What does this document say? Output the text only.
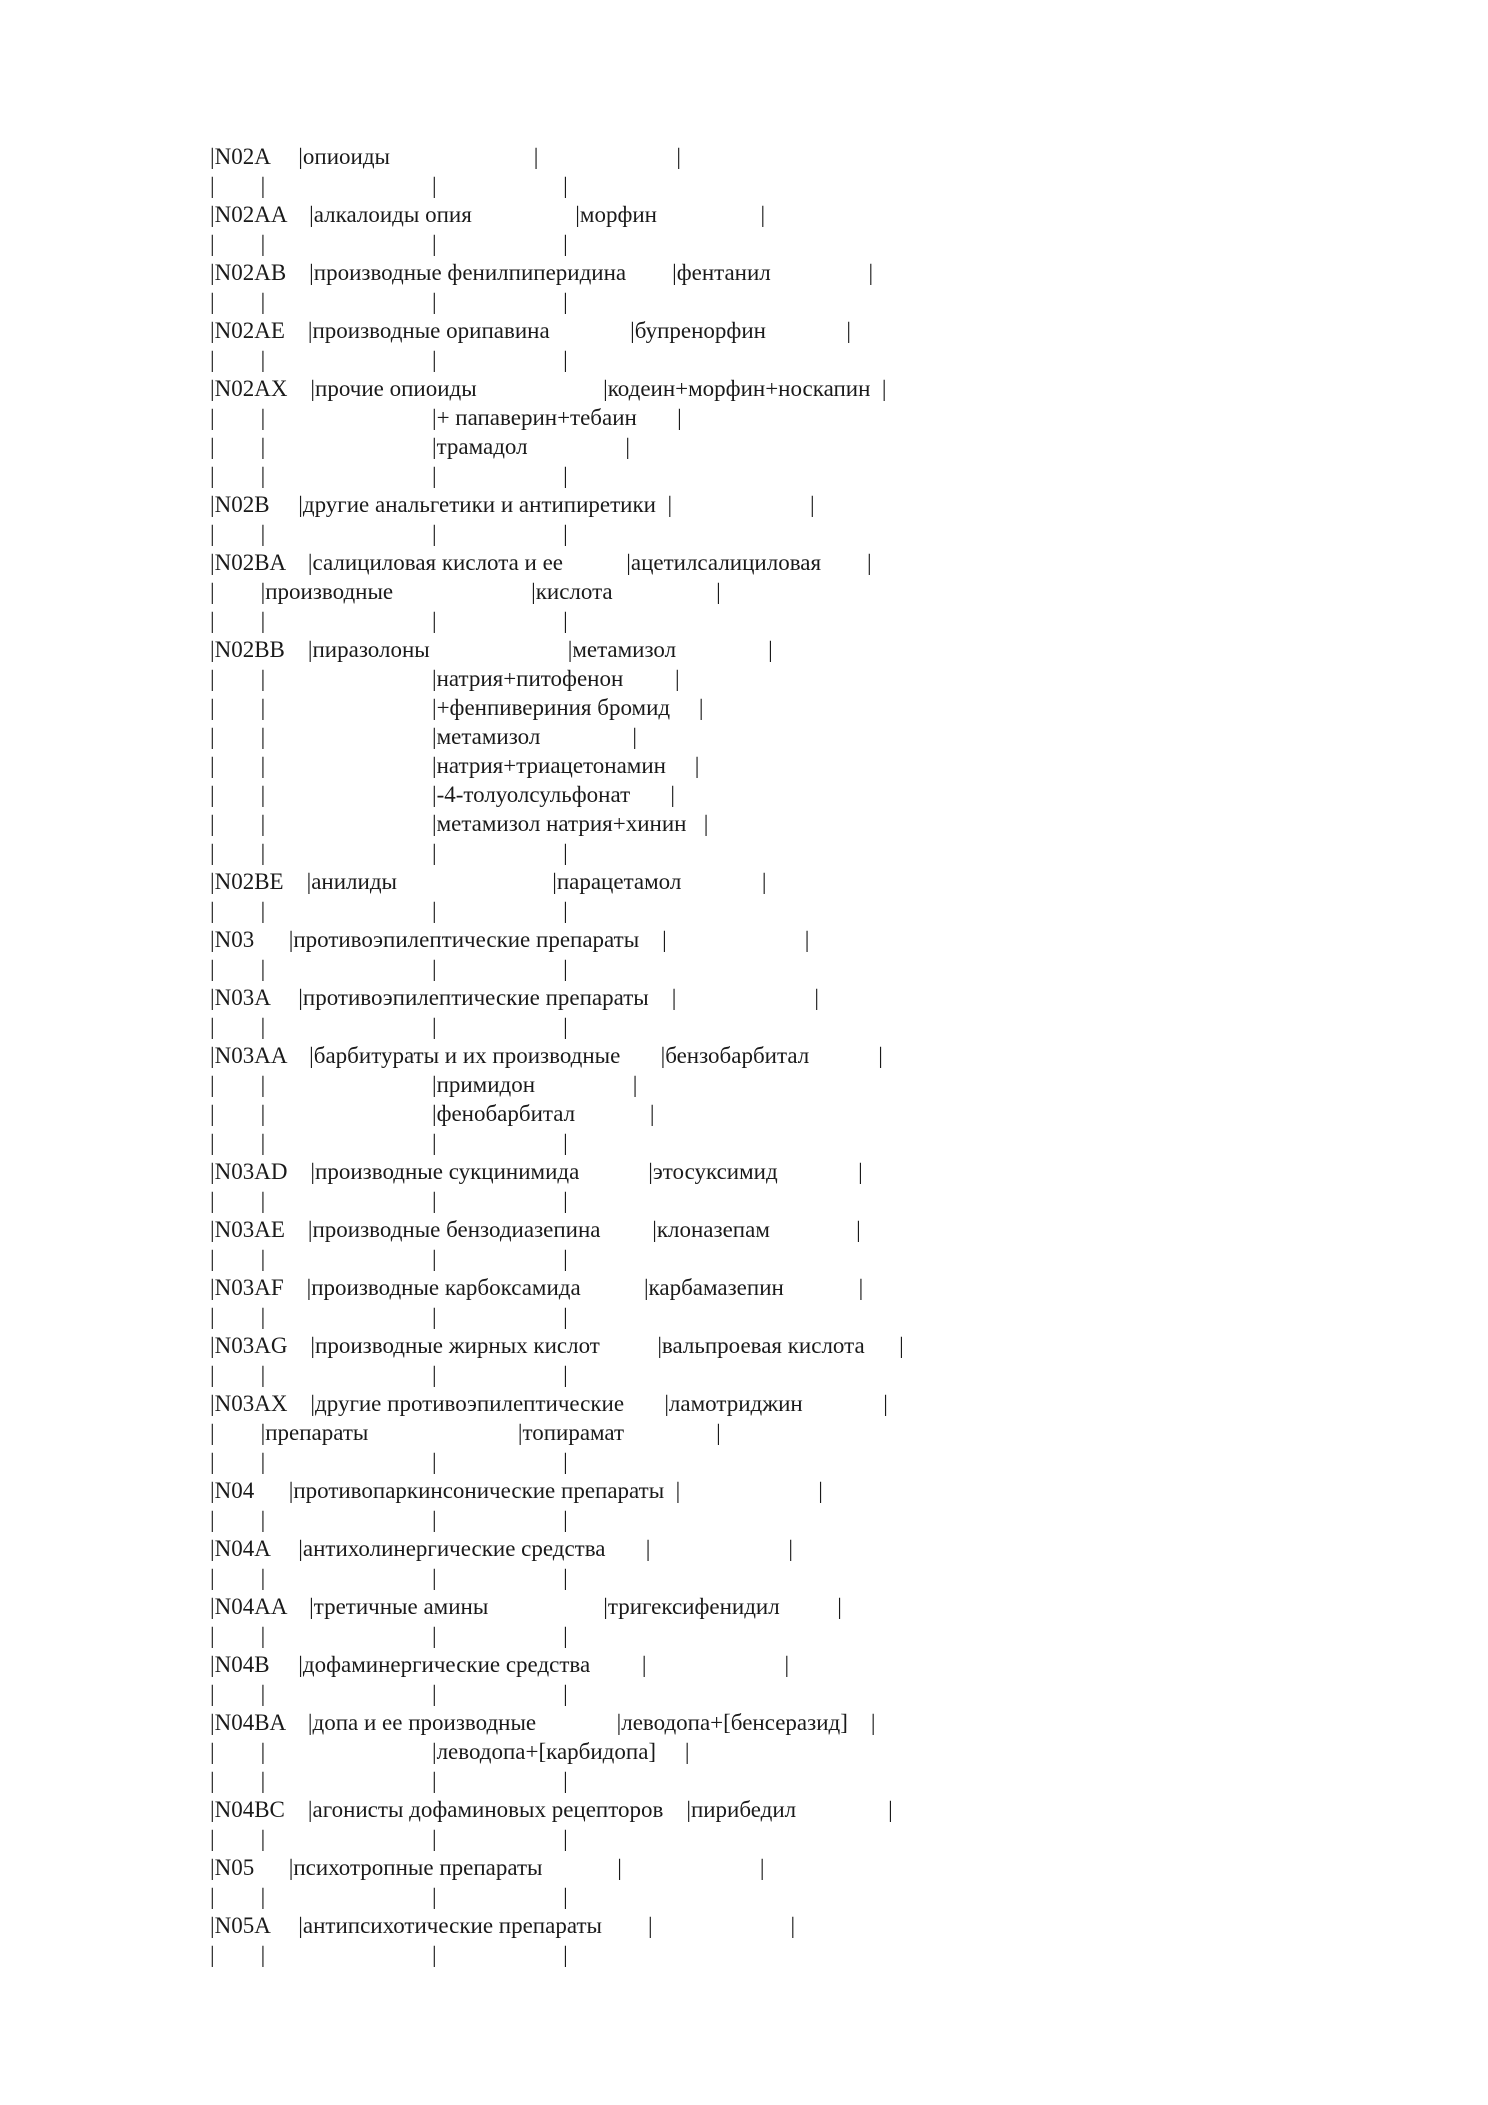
|N02A     |опиоиды                         |                        |
|        |                             |                      |
|N02AA    |алкалоиды опия                  |морфин                  |
|        |                             |                      |
|N02AB    |производные фенилпиперидина        |фентанил                 |
|        |                             |                      |
|N02AE    |производные орипавина              |бупренорфин              |
|        |                             |                      |
|N02AX    |прочие опиоиды                      |кодеин+морфин+носкапин  |
|        |                             |+ папаверин+тебаин       |
|        |                             |трамадол                 |
|        |                             |                      |
|N02B     |другие анальгетики и антипиретики  |                        |
|        |                             |                      |
|N02BA    |салициловая кислота и ее           |ацетилсалициловая        |
|        |производные                        |кислота                  |
|        |                             |                      |
|N02BB    |пиразолоны                        |метамизол                |
|        |                             |натрия+питофенон         |
|        |                             |+фенпивериния бромид     |
|        |                             |метамизол                |
|        |                             |натрия+триацетонамин     |
|        |                             |-4-толуолсульфонат       |
|        |                             |метамизол натрия+хинин   |
|        |                             |                      |
|N02BE    |анилиды                           |парацетамол              |
|        |                             |                      |
|N03      |противоэпилептические препараты    |                        |
|        |                             |                      |
|N03A     |противоэпилептические препараты    |                        |
|        |                             |                      |
|N03AA    |барбитураты и их производные       |бензобарбитал            |
|        |                             |примидон                 |
|        |                             |фенобарбитал             |
|        |                             |                      |
|N03AD    |производные сукцинимида            |этосуксимид              |
|        |                             |                      |
|N03AE    |производные бензодиазепина         |клоназепам               |
|        |                             |                      |
|N03AF    |производные карбоксамида           |карбамазепин             |
|        |                             |                      |
|N03AG    |производные жирных кислот          |вальпроевая кислота      |
|        |                             |                      |
|N03AX    |другие противоэпилептические       |ламотриджин              |
|        |препараты                          |топирамат                |
|        |                             |                      |
|N04      |противопаркинсонические препараты  |                        |
|        |                             |                      |
|N04A     |антихолинергические средства       |                        |
|        |                             |                      |
|N04AA    |третичные амины                    |тригексифенидил          |
|        |                             |                      |
|N04B     |дофаминергические средства         |                        |
|        |                             |                      |
|N04BA    |допа и ее производные              |леводопа+[бенсеразид]    |
|        |                             |леводопа+[карбидопа]     |
|        |                             |                      |
|N04BC    |агонисты дофаминовых рецепторов    |пирибедил                |
|        |                             |                      |
|N05      |психотропные препараты             |                        |
|        |                             |                      |
|N05A     |антипсихотические препараты        |                        |
|        |                             |                      |
